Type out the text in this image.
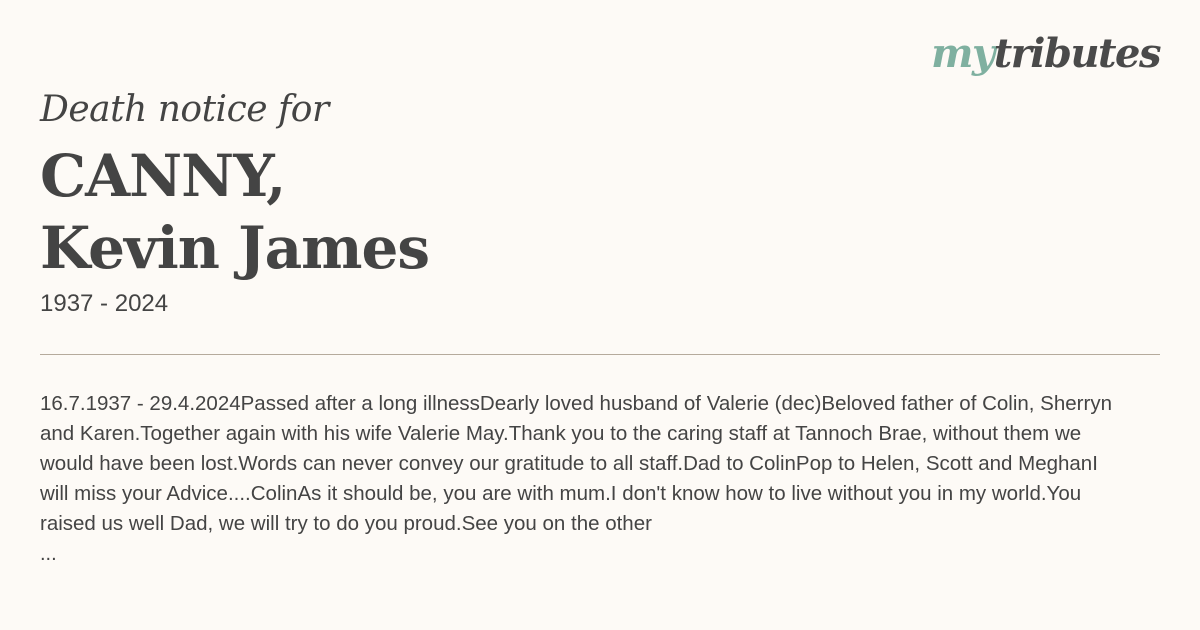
mytributes
Death notice for
CANNY,
Kevin James
1937 - 2024

16.7.1937 - 29.4.2024Passed after a long illnessDearly loved husband of Valerie (dec)Beloved father of Colin, Sherryn and Karen.Together again with his wife Valerie May.Thank you to the caring staff at Tannoch Brae, without them we would have been lost.Words can never convey our gratitude to all staff.Dad to ColinPop to Helen, Scott and MeghanI will miss your Advice....ColinAs it should be, you are with mum.I don't know how to live without you in my world.You raised us well Dad, we will try to do you proud.See you on the other

...
